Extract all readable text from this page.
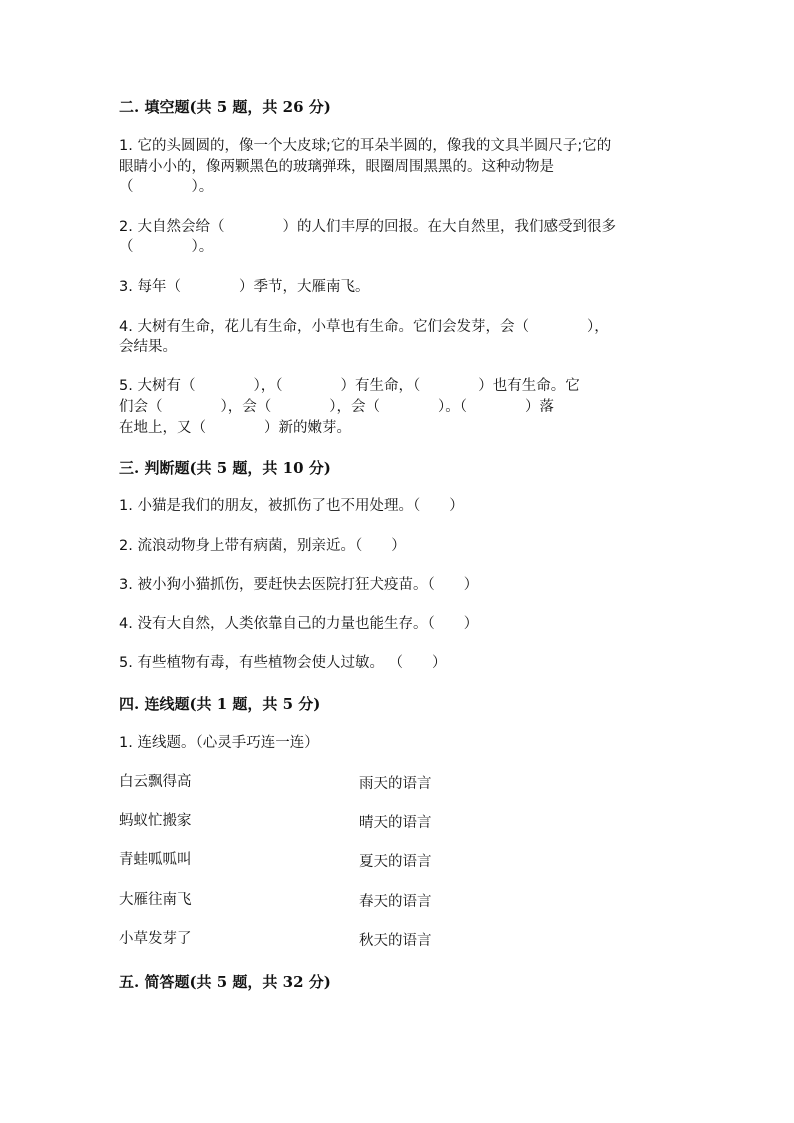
二. 填空题(共 5 题，共 26 分)
1. 它的头圆圆的，像一个大皮球;它的耳朵半圆的，像我的文具半圆尺子;它的
眼睛小小的，像两颗黑色的玻璃弹珠，眼圈周围黑黑的。这种动物是
（　　　　）。
2. 大自然会给（　　　　）的人们丰厚的回报。在大自然里，我们感受到很多
（　　　　）。
3. 每年（　　　　）季节，大雁南飞。
4. 大树有生命，花儿有生命，小草也有生命。它们会发芽，会（　　　　），
会结果。
5. 大树有（　　　　），（　　　　）有生命，（　　　　）也有生命。它
们会（　　　　），会（　　　　），会（　　　　）。（　　　　）落
在地上，又（　　　　）新的嫩芽。
三. 判断题(共 5 题，共 10 分)
1. 小猫是我们的朋友，被抓伤了也不用处理。（　　）
2. 流浪动物身上带有病菌，别亲近。（　　）
3. 被小狗小猫抓伤，要赶快去医院打狂犬疫苗。（　　）
4. 没有大自然，人类依靠自己的力量也能生存。（　　）
5. 有些植物有毒，有些植物会使人过敏。 （　　）
四. 连线题(共 1 题，共 5 分)
1. 连线题。（心灵手巧连一连）
白云飘得高	雨天的语言
蚂蚁忙搬家	晴天的语言
青蛙呱呱叫	夏天的语言
大雁往南飞	春天的语言
小草发芽了	秋天的语言
五. 简答题(共 5 题，共 32 分)
